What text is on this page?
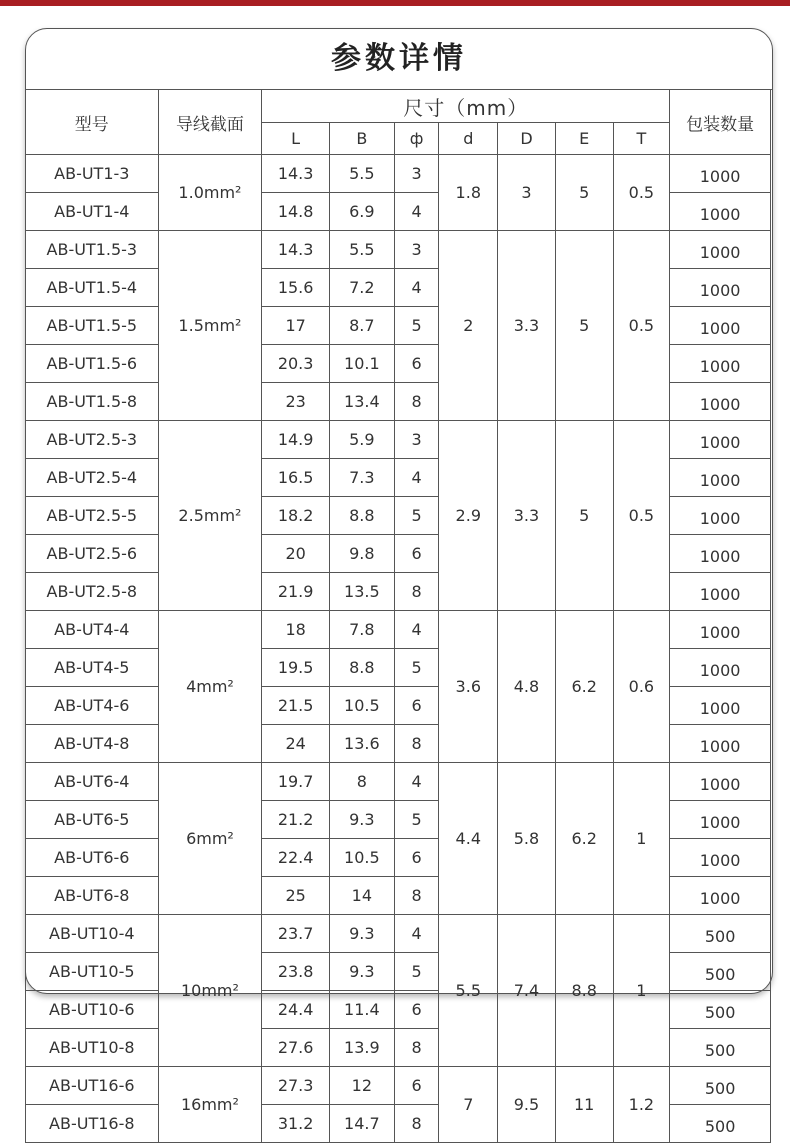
参数详情
型号	导线截面	尺寸（mm）							包装数量
		L	B	ф	d	D	E	T	
AB-UT1-3	1.0mm²	14.3	5.5	3	1.8	3	5	0.5	1000
AB-UT1-4		14.8	6.9	4					1000
AB-UT1.5-3	1.5mm²	14.3	5.5	3	2	3.3	5	0.5	1000
AB-UT1.5-4		15.6	7.2	4					1000
AB-UT1.5-5		17	8.7	5					1000
AB-UT1.5-6		20.3	10.1	6					1000
AB-UT1.5-8		23	13.4	8					1000
AB-UT2.5-3	2.5mm²	14.9	5.9	3	2.9	3.3	5	0.5	1000
AB-UT2.5-4		16.5	7.3	4					1000
AB-UT2.5-5		18.2	8.8	5					1000
AB-UT2.5-6		20	9.8	6					1000
AB-UT2.5-8		21.9	13.5	8					1000
AB-UT4-4	4mm²	18	7.8	4	3.6	4.8	6.2	0.6	1000
AB-UT4-5		19.5	8.8	5					1000
AB-UT4-6		21.5	10.5	6					1000
AB-UT4-8		24	13.6	8					1000
AB-UT6-4	6mm²	19.7	8	4	4.4	5.8	6.2	1	1000
AB-UT6-5		21.2	9.3	5					1000
AB-UT6-6		22.4	10.5	6					1000
AB-UT6-8		25	14	8					1000
AB-UT10-4	10mm²	23.7	9.3	4	5.5	7.4	8.8	1	500
AB-UT10-5		23.8	9.3	5					500
AB-UT10-6		24.4	11.4	6					500
AB-UT10-8		27.6	13.9	8					500
AB-UT16-6	16mm²	27.3	12	6	7	9.5	11	1.2	500
AB-UT16-8		31.2	14.7	8					500
